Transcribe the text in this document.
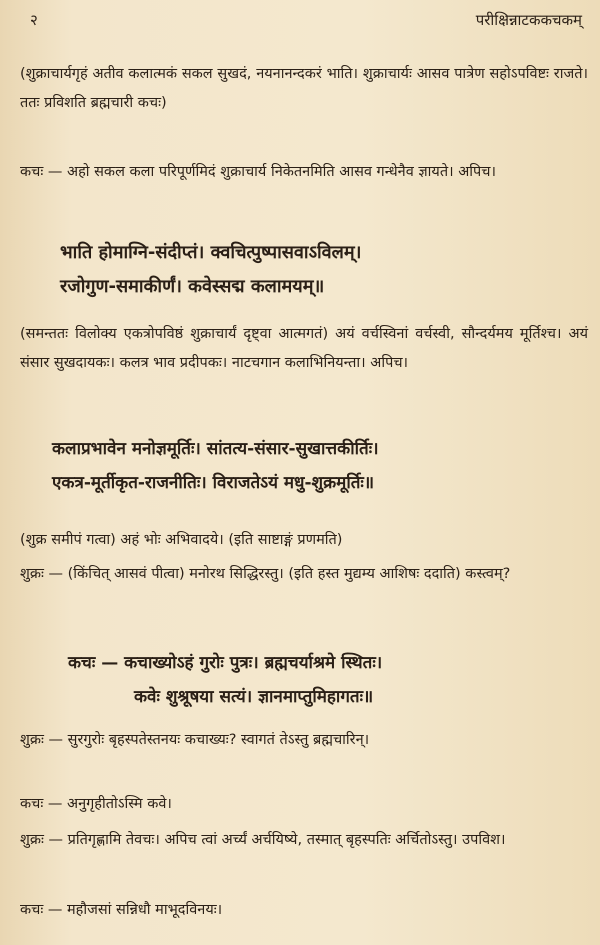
२	परीक्षिन्नाटककचकम्
(शुक्राचार्यगृहं अतीव कलात्मकं सकल सुखदं, नयनानन्दकरं भाति। शुक्राचार्यः आसव पात्रेण सहोऽपविष्टः राजते। ततः प्रविशति ब्रह्मचारी कचः)
कचः — अहो सकल कला परिपूर्णमिदं शुक्राचार्य निकेतनमिति आसव गन्धेनैव ज्ञायते। अपिच।
भाति होमाग्नि-संदीप्तं। क्वचित्पुष्पासवाऽविलम्।
रजोगुण-समाकीर्णं। कवेस्सद्म कलामयम्॥
(समन्ततः विलोक्य एकत्रोपविष्ठं शुक्राचार्यं दृष्ट्वा आत्मगतं) अयं वर्चस्विनां वर्चस्वी, सौन्दर्यमय मूर्तिश्च। अयं संसार सुखदायकः। कलत्र भाव प्रदीपकः। नाटचगान कलाभिनियन्ता। अपिच।
कलाप्रभावेन मनोज्ञमूर्तिः। सांतत्य-संसार-सुखात्तकीर्तिः।
एकत्र-मूर्तीकृत-राजनीतिः। विराजतेऽयं मधु-शुक्रमूर्तिः॥
(शुक्र समीपं गत्वा) अहं भोः अभिवादये। (इति साष्टाङ्गं प्रणमति)
शुक्रः — (किंचित् आसवं पीत्वा) मनोरथ सिद्धिरस्तु। (इति हस्त मुद्यम्य आशिषः ददाति) कस्त्वम्?
कचः — कचाख्योऽहं गुरोः पुत्रः। ब्रह्मचर्याश्रमे स्थितः।
कवेः शुश्रूषया सत्यं। ज्ञानमाप्तुमिहागतः॥
शुक्रः — सुरगुरोः बृहस्पतेस्तनयः कचाख्यः? स्वागतं तेऽस्तु ब्रह्मचारिन्।
कचः — अनुगृहीतोऽस्मि कवे।
शुक्रः — प्रतिगृह्णामि तेवचः। अपिच त्वां अर्च्यं अर्चयिष्ये, तस्मात् बृहस्पतिः अर्चितोऽस्तु। उपविश।
कचः — महौजसां सन्निधौ माभूदविनयः।
